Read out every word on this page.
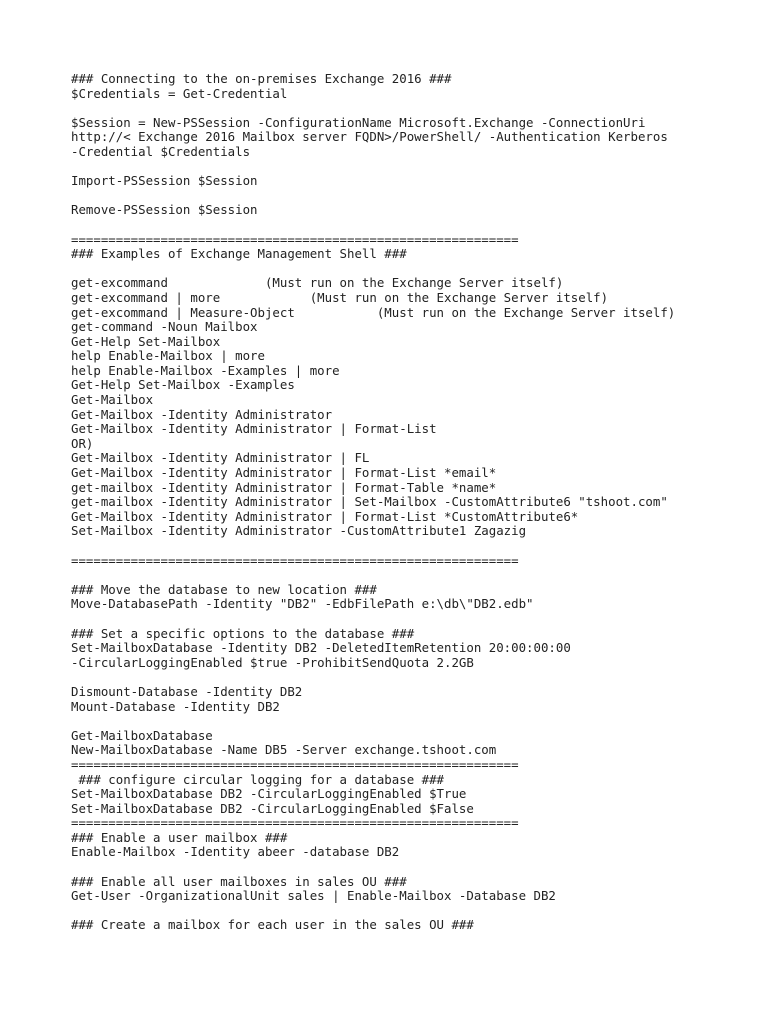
### Connecting to the on-premises Exchange 2016 ###
$Credentials = Get-Credential
$Session = New-PSSession -ConfigurationName Microsoft.Exchange -ConnectionUri
http://< Exchange 2016 Mailbox server FQDN>/PowerShell/ -Authentication Kerberos
-Credential $Credentials
Import-PSSession $Session
Remove-PSSession $Session
============================================================
### Examples of Exchange Management Shell ###
get-excommand             (Must run on the Exchange Server itself)
get-excommand | more            (Must run on the Exchange Server itself)
get-excommand | Measure-Object           (Must run on the Exchange Server itself)
get-command -Noun Mailbox
Get-Help Set-Mailbox
help Enable-Mailbox | more
help Enable-Mailbox -Examples | more
Get-Help Set-Mailbox -Examples
Get-Mailbox
Get-Mailbox -Identity Administrator
Get-Mailbox -Identity Administrator | Format-List
OR)
Get-Mailbox -Identity Administrator | FL
Get-Mailbox -Identity Administrator | Format-List *email*
get-mailbox -Identity Administrator | Format-Table *name*
get-mailbox -Identity Administrator | Set-Mailbox -CustomAttribute6 "tshoot.com"
Get-Mailbox -Identity Administrator | Format-List *CustomAttribute6*
Set-Mailbox -Identity Administrator -CustomAttribute1 Zagazig
============================================================
### Move the database to new location ###
Move-DatabasePath -Identity "DB2" -EdbFilePath e:\db\"DB2.edb"
### Set a specific options to the database ###
Set-MailboxDatabase -Identity DB2 -DeletedItemRetention 20:00:00:00
-CircularLoggingEnabled $true -ProhibitSendQuota 2.2GB
Dismount-Database -Identity DB2
Mount-Database -Identity DB2
Get-MailboxDatabase
New-MailboxDatabase -Name DB5 -Server exchange.tshoot.com
============================================================
### configure circular logging for a database ###
Set-MailboxDatabase DB2 -CircularLoggingEnabled $True
Set-MailboxDatabase DB2 -CircularLoggingEnabled $False
============================================================
### Enable a user mailbox ###
Enable-Mailbox -Identity abeer -database DB2
### Enable all user mailboxes in sales OU ###
Get-User -OrganizationalUnit sales | Enable-Mailbox -Database DB2
### Create a mailbox for each user in the sales OU ###
